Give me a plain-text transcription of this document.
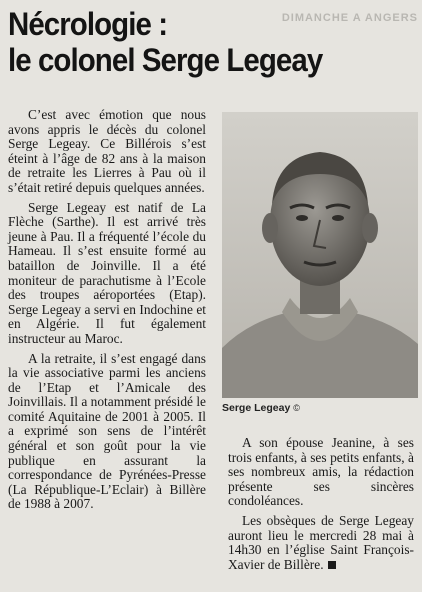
DIMANCHE A ANGERS
Nécrologie :
le colonel Serge Legeay

C’est avec émotion que nous avons appris le décès du colonel Serge Legeay. Ce Billérois s’est éteint à l’âge de 82 ans à la maison de retraite les Lierres à Pau où il s’était retiré depuis quelques années.

Serge Legeay est natif de La Flèche (Sarthe). Il est arrivé très jeune à Pau. Il a fréquenté l’école du Hameau. Il s’est ensuite formé au bataillon de Joinville. Il a été moniteur de parachutisme à l’Ecole des troupes aéroportées (Etap). Serge Legeay a servi en Indochine et en Algérie. Il fut également instructeur au Maroc.

A la retraite, il s’est engagé dans la vie associative parmi les anciens de l’Etap et l’Amicale des Joinvillais. Il a notamment présidé le comité Aquitaine de 2001 à 2005. Il a exprimé son sens de l’intérêt général et son goût pour la vie publique en assurant la correspondance de Pyrénées-Presse (La République-L’Eclair) à Billère de 1988 à 2007.

Serge Legeay ©

A son épouse Jeanine, à ses trois enfants, à ses petits enfants, à ses nombreux amis, la rédaction présente ses sincères condoléances.

Les obsèques de Serge Legeay auront lieu le mercredi 28 mai à 14h30 en l’église Saint François-Xavier de Billère.
